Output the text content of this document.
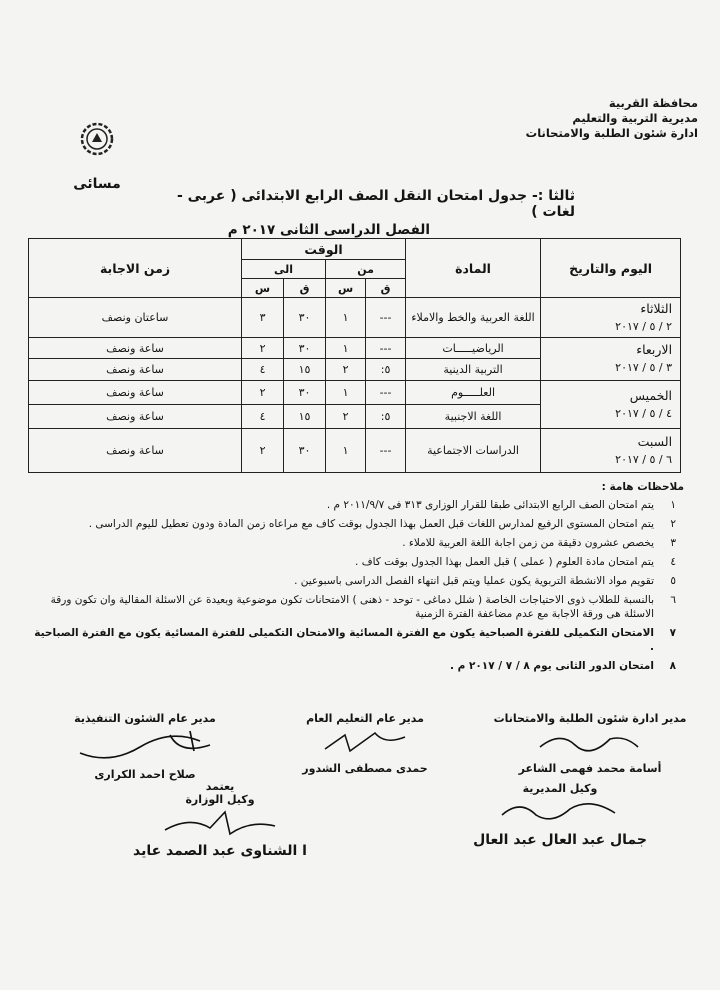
محافظة القربية
مديرية التربية والتعليم
ادارة شئون الطلبة والامتحانات
مسائى
ثالثا :- جدول امتحان النقل الصف الرابع الابتدائى ( عربى - لغات )
الفصل الدراسى الثانى ٢٠١٧ م
اليوم والتاريخ	المادة	الوقت				زمن الاجابة
		من		الى		
		ق	س	ق	س	

الثلاثاء
٢ / ٥ / ٢٠١٧	اللغة العربية والخط والاملاء	---	١	٣٠	٣	ساعتان ونصف

الاربعاء
٣ / ٥ / ٢٠١٧	الرياضيـــــات	---	١	٣٠	٢	ساعة ونصف
	التربية الدينية	٥:	٢	١٥	٤	ساعة ونصف

الخميس
٤ / ٥ / ٢٠١٧	العلـــــوم	---	١	٣٠	٢	ساعة ونصف
	اللغة الاجنبية	٥:	٢	١٥	٤	ساعة ونصف

السبت
٦ / ٥ / ٢٠١٧	الدراسات الاجتماعية	---	١	٣٠	٢	ساعة ونصف
ملاحظات هامة :
١
يتم امتحان الصف الرابع الابتدائى طبقا للقرار الوزارى ٣١٣ فى ٢٠١١/٩/٧ م .
٢
يتم امتحان المستوى الرفيع لمدارس اللغات قبل العمل بهذا الجدول بوقت كاف مع مراعاه زمن المادة ودون تعطيل لليوم الدراسى .
٣
يخصص عشرون دقيقة من زمن اجابة اللغة العربية للاملاء .
٤
يتم امتحان مادة العلوم ( عملى ) قبل العمل بهذا الجدول بوقت كاف .
٥
تقويم مواد الانشطة التربوية يكون عمليا ويتم قبل انتهاء الفصل الدراسى باسبوعين .
٦
بالنسبة للطلاب ذوى الاحتياجات الخاصة ( شلل دماغى - توحد - ذهنى ) الامتحانات تكون موضوعية وبعيدة عن الاسئلة المقالية وان تكون ورقة الاسئلة هى ورقة الاجابة مع عدم مضاعفة الفترة الزمنية
٧
الامتحان التكميلى للفترة الصباحية يكون مع الفترة المسائية والامتحان التكميلى للفترة المسائية يكون مع الفترة الصباحية .
٨
امتحان الدور الثانى يوم ٨ / ٧ / ٢٠١٧ م .
مدير ادارة شئون الطلبة والامتحانات
أسامة محمد فهمى الشاعر
مدير عام التعليم العام
حمدى مصطفى الشدور
مدير عام الشئون التنفيذية
صلاح احمد الكرارى
وكيل المديرية
جمال عبد العال عبد العال
يعتمد
وكيل الوزارة
ا الشناوى عبد الصمد عايد
